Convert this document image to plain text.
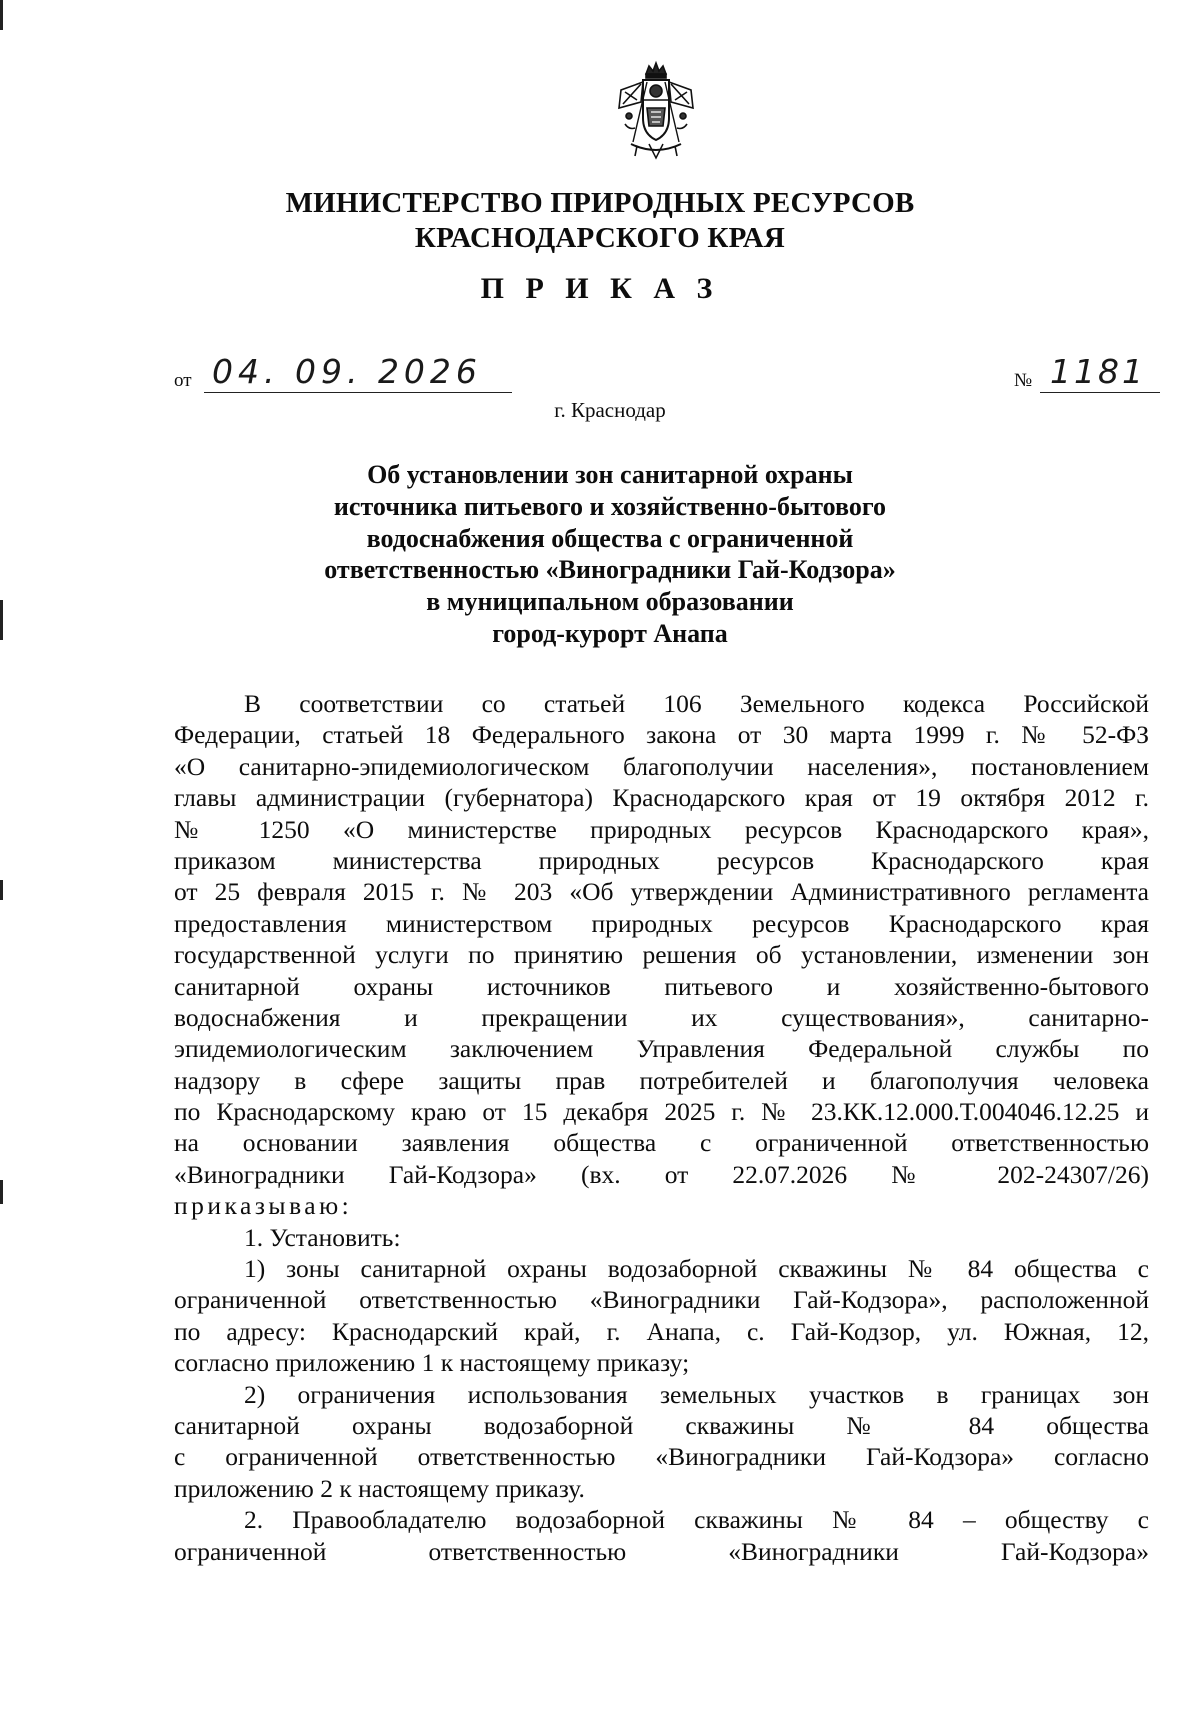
МИНИСТЕРСТВО ПРИРОДНЫХ РЕСУРСОВ
КРАСНОДАРСКОГО КРАЯ
П Р И К А З
от 04. 09. 2026	№ 1181
г. Краснодар
Об установлении зон санитарной охраны
источника питьевого и хозяйственно-бытового
водоснабжения общества с ограниченной
ответственностью «Виноградники Гай-Кодзора»
в муниципальном образовании
город-курорт Анапа
В соответствии со статьей 106 Земельного кодекса Российской
Федерации, статьей 18 Федерального закона от 30 марта 1999 г. № 52-ФЗ
«О санитарно-эпидемиологическом благополучии населения», постановлением
главы администрации (губернатора) Краснодарского края от 19 октября 2012 г.
№ 1250 «О министерстве природных ресурсов Краснодарского края»,
приказом министерства природных ресурсов Краснодарского края
от 25 февраля 2015 г. № 203 «Об утверждении Административного регламента
предоставления министерством природных ресурсов Краснодарского края
государственной услуги по принятию решения об установлении, изменении зон
санитарной охраны источников питьевого и хозяйственно-бытового
водоснабжения и прекращении их существования», санитарно-
эпидемиологическим заключением Управления Федеральной службы по
надзору в сфере защиты прав потребителей и благополучия человека
по Краснодарскому краю от 15 декабря 2025 г. № 23.КК.12.000.Т.004046.12.25 и
на основании заявления общества с ограниченной ответственностью
«Виноградники Гай-Кодзора» (вх. от 22.07.2026 № 202-24307/26)
приказываю:
1. Установить:
1) зоны санитарной охраны водозаборной скважины № 84 общества с
ограниченной ответственностью «Виноградники Гай-Кодзора», расположенной
по адресу: Краснодарский край, г. Анапа, с. Гай-Кодзор, ул. Южная, 12,
согласно приложению 1 к настоящему приказу;
2) ограничения использования земельных участков в границах зон
санитарной охраны водозаборной скважины № 84 общества
с ограниченной ответственностью «Виноградники Гай-Кодзора» согласно
приложению 2 к настоящему приказу.
2. Правообладателю водозаборной скважины № 84 – обществу с
ограниченной ответственностью «Виноградники Гай-Кодзора»
